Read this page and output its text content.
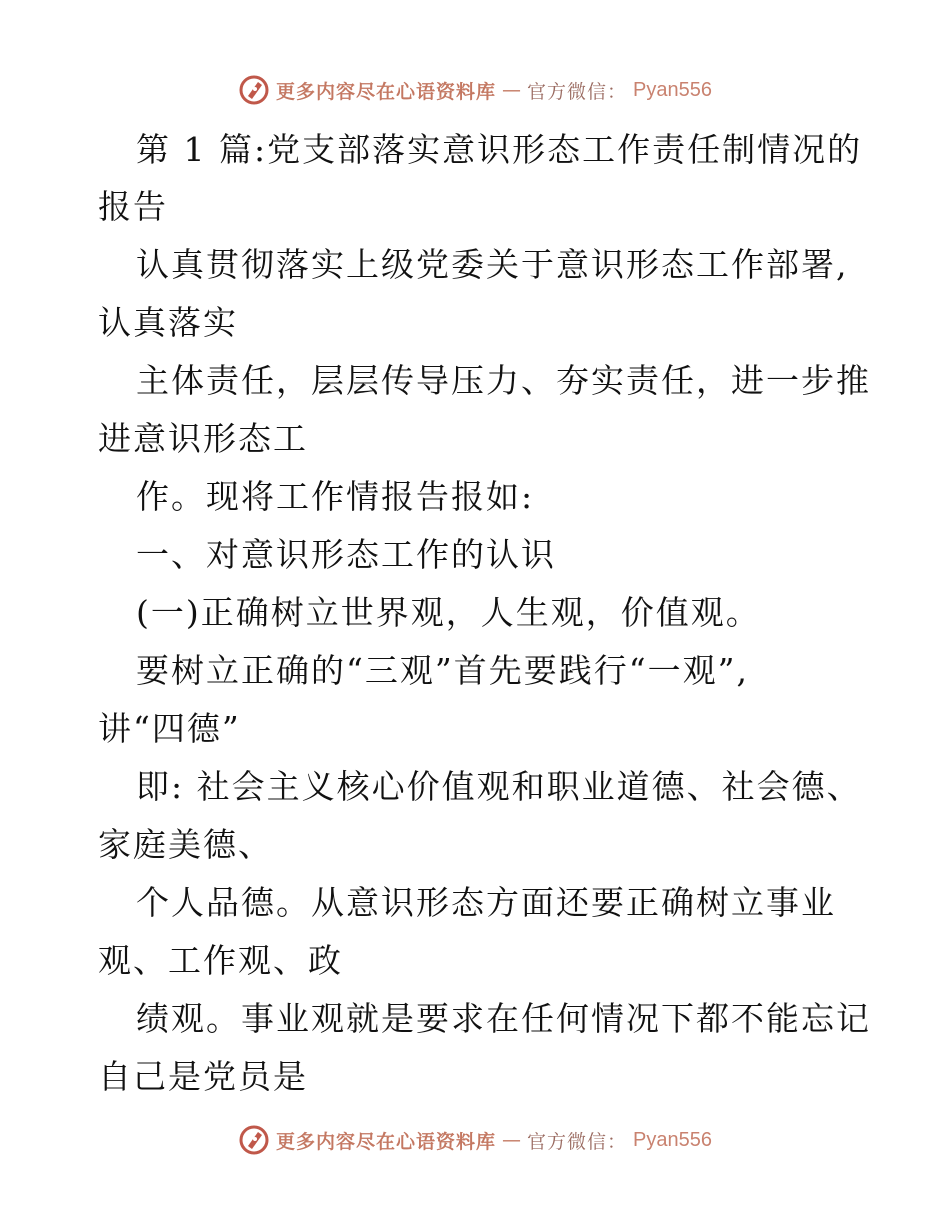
更多内容尽在心语资料库 — 官方微信： Pyan556
第 1 篇:党支部落实意识形态工作责任制情况的
报告
认真贯彻落实上级党委关于意识形态工作部署,
认真落实
主体责任，层层传导压力、夯实责任，进一步推
进意识形态工
作。现将工作情报告报如:
一、对意识形态工作的认识
(一)正确树立世界观，人生观，价值观。
要树立正确的“三观”首先要践行“一观”,
讲“四德”
即: 社会主义核心价值观和职业道德、社会德、
家庭美德、
个人品德。从意识形态方面还要正确树立事业
观、工作观、政
绩观。事业观就是要求在任何情况下都不能忘记
自己是党员是
更多内容尽在心语资料库 — 官方微信： Pyan556
